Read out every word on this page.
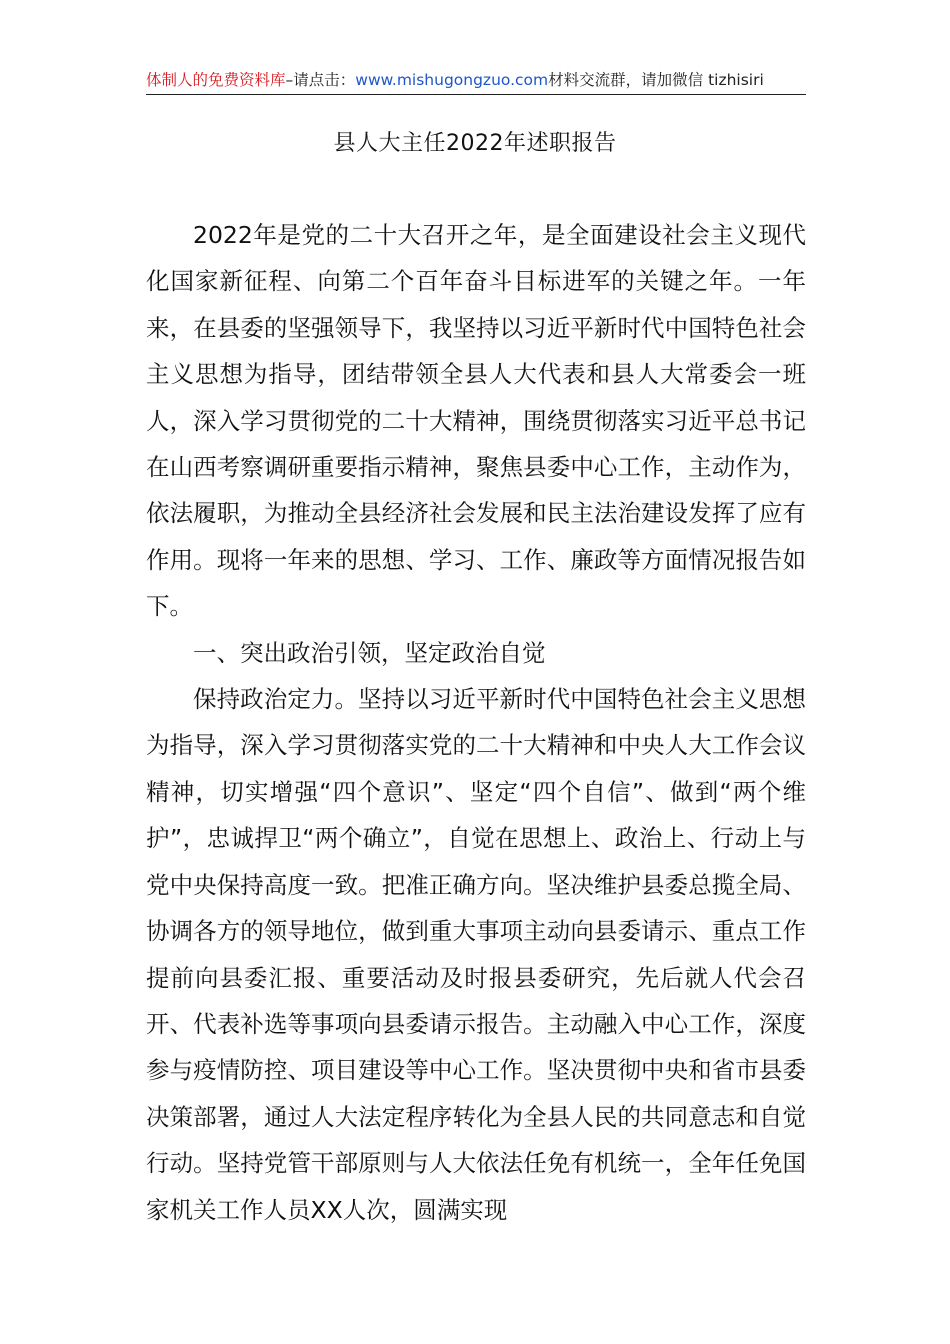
体制人的免费资料库–请点击：www.mishugongzuo.com材料交流群，请加微信 tizhisiri
县人大主任2022年述职报告

2022年是党的二十大召开之年，是全面建设社会主义现代化国家新征程、向第二个百年奋斗目标进军的关键之年。一年来，在县委的坚强领导下，我坚持以习近平新时代中国特色社会主义思想为指导，团结带领全县人大代表和县人大常委会一班人，深入学习贯彻党的二十大精神，围绕贯彻落实习近平总书记在山西考察调研重要指示精神，聚焦县委中心工作，主动作为，依法履职，为推动全县经济社会发展和民主法治建设发挥了应有作用。现将一年来的思想、学习、工作、廉政等方面情况报告如下。

一、突出政治引领，坚定政治自觉

保持政治定力。坚持以习近平新时代中国特色社会主义思想为指导，深入学习贯彻落实党的二十大精神和中央人大工作会议精神，切实增强“四个意识”、坚定“四个自信”、做到“两个维护”，忠诚捍卫“两个确立”，自觉在思想上、政治上、行动上与党中央保持高度一致。把准正确方向。坚决维护县委总揽全局、协调各方的领导地位，做到重大事项主动向县委请示、重点工作提前向县委汇报、重要活动及时报县委研究，先后就人代会召开、代表补选等事项向县委请示报告。主动融入中心工作，深度参与疫情防控、项目建设等中心工作。坚决贯彻中央和省市县委决策部署，通过人大法定程序转化为全县人民的共同意志和自觉行动。坚持党管干部原则与人大依法任免有机统一，全年任免国家机关工作人员XX人次，圆满实现
